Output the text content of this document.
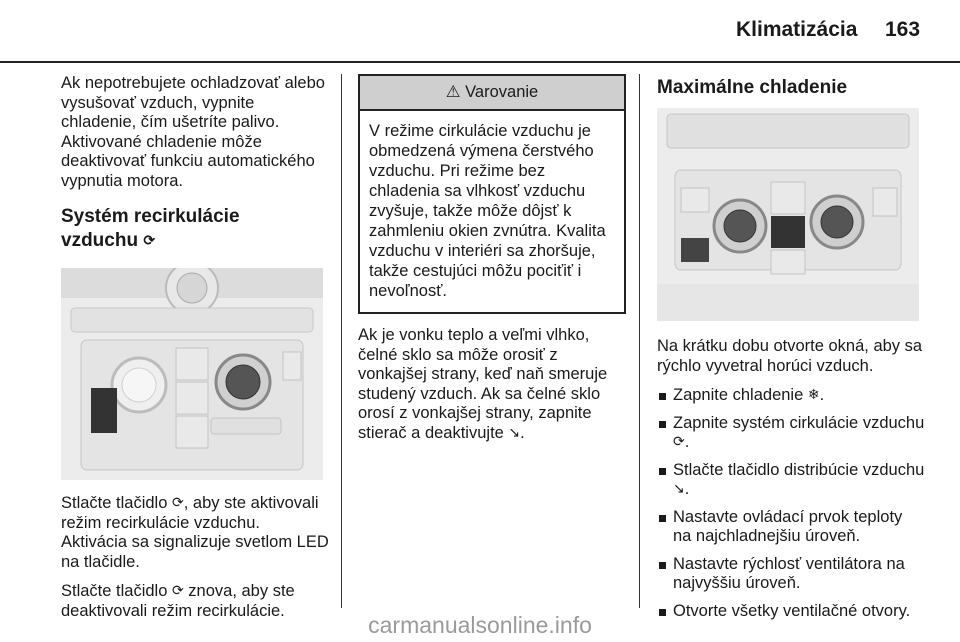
Klimatizácia 163

Ak nepotrebujete ochladzovať alebo vysušovať vzduch, vypnite chladenie, čím ušetríte palivo. Aktivované chladenie môže deaktivovať funkciu automatického vypnutia motora.

Systém recirkulácie
vzduchu ⟳

Stlačte tlačidlo ⟳, aby ste aktivovali režim recirkulácie vzduchu. Aktivácia sa signalizuje svetlom LED na tlačidle.

Stlačte tlačidlo ⟳ znova, aby ste deaktivovali režim recirkulácie.

⚠ Varovanie
V režime cirkulácie vzduchu je obmedzená výmena čerstvého vzduchu. Pri režime bez chladenia sa vlhkosť vzduchu zvyšuje, takže môže dôjsť k zahmleniu okien zvnútra. Kvalita vzduchu v interiéri sa zhoršuje, takže cestujúci môžu pociťiť i nevoľnosť.

Ak je vonku teplo a veľmi vlhko, čelné sklo sa môže orosiť z vonkajšej strany, keď naň smeruje studený vzduch. Ak sa čelné sklo orosí z vonkajšej strany, zapnite stierač a deaktivujte ↘.

Maximálne chladenie

Na krátku dobu otvorte okná, aby sa rýchlo vyvetral horúci vzduch.

Zapnite chladenie ❄.
Zapnite systém cirkulácie vzduchu ⟳.
Stlačte tlačidlo distribúcie vzduchu ↘.
Nastavte ovládací prvok teploty na najchladnejšiu úroveň.
Nastavte rýchlosť ventilátora na najvyššiu úroveň.
Otvorte všetky ventilačné otvory.
carmanualsonline.info
